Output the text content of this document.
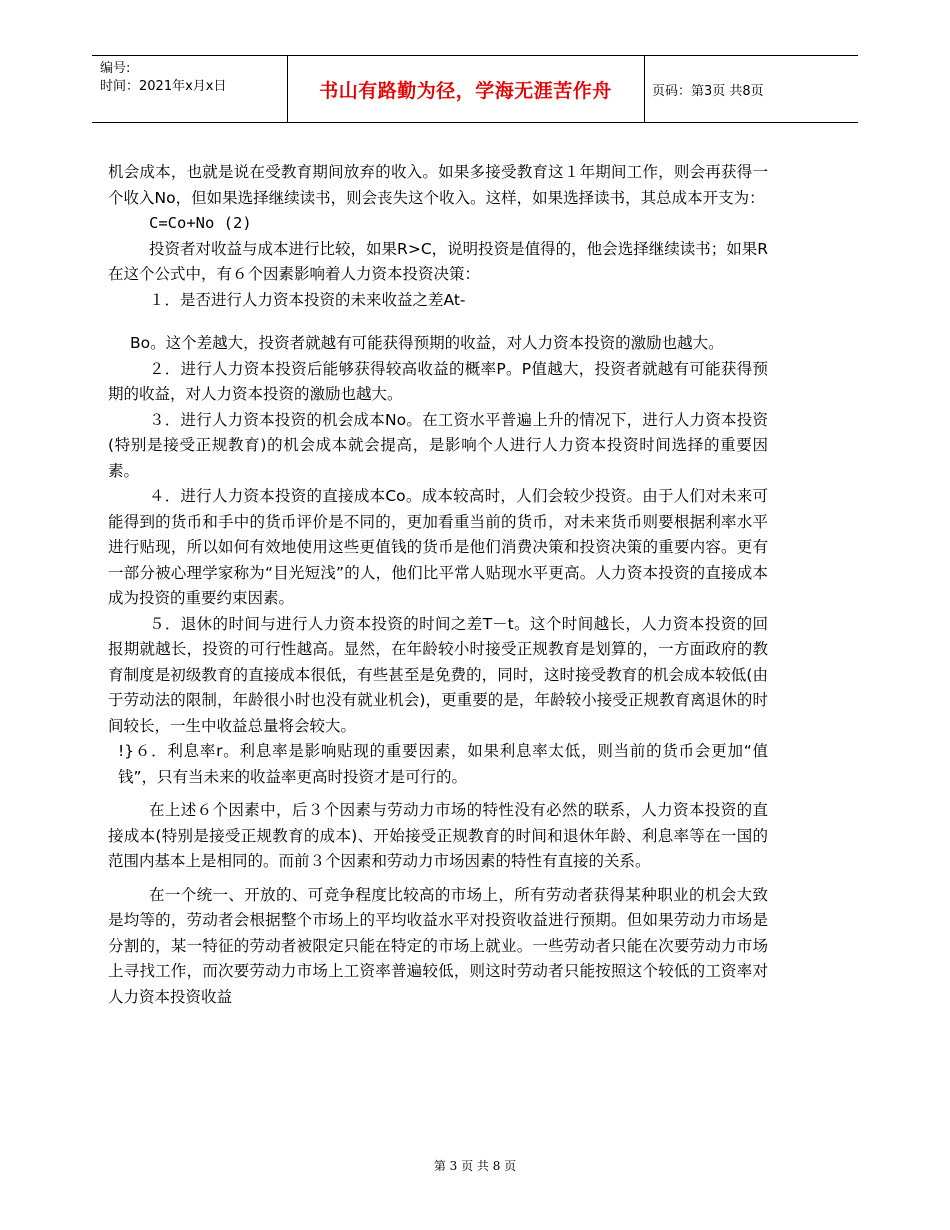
编号:
时间：2021年x月x日	书山有路勤为径，学海无涯苦作舟	页码：第3页 共8页

机会成本，也就是说在受教育期间放弃的收入。如果多接受教育这１年期间工作，则会再获得一个收入No，但如果选择继续读书，则会丧失这个收入。这样，如果选择读书，其总成本开支为：

C=Co+No (2)

投资者对收益与成本进行比较，如果R>C，说明投资是值得的，他会选择继续读书；如果R 在这个公式中，有６个因素影响着人力资本投资决策：

１．是否进行人力资本投资的未来收益之差At-

Bo。这个差越大，投资者就越有可能获得预期的收益，对人力资本投资的激励也越大。

２．进行人力资本投资后能够获得较高收益的概率P。P值越大，投资者就越有可能获得预期的收益，对人力资本投资的激励也越大。

３．进行人力资本投资的机会成本No。在工资水平普遍上升的情况下，进行人力资本投资(特别是接受正规教育)的机会成本就会提高，是影响个人进行人力资本投资时间选择的重要因素。

４．进行人力资本投资的直接成本Co。成本较高时，人们会较少投资。由于人们对未来可能得到的货币和手中的货币评价是不同的，更加看重当前的货币，对未来货币则要根据利率水平进行贴现，所以如何有效地使用这些更值钱的货币是他们消费决策和投资决策的重要内容。更有一部分被心理学家称为“目光短浅”的人，他们比平常人贴现水平更高。人力资本投资的直接成本成为投资的重要约束因素。

５．退休的时间与进行人力资本投资的时间之差T－t。这个时间越长，人力资本投资的回报期就越长，投资的可行性越高。显然，在年龄较小时接受正规教育是划算的，一方面政府的教育制度是初级教育的直接成本很低，有些甚至是免费的，同时，这时接受教育的机会成本较低(由于劳动法的限制，年龄很小时也没有就业机会)，更重要的是，年龄较小接受正规教育离退休的时间较长，一生中收益总量将会较大。

!}６．利息率r。利息率是影响贴现的重要因素，如果利息率太低，则当前的货币会更加“值钱”，只有当未来的收益率更高时投资才是可行的。

在上述６个因素中，后３个因素与劳动力市场的特性没有必然的联系，人力资本投资的直接成本(特别是接受正规教育的成本)、开始接受正规教育的时间和退休年龄、利息率等在一国的范围内基本上是相同的。而前３个因素和劳动力市场因素的特性有直接的关系。

在一个统一、开放的、可竞争程度比较高的市场上，所有劳动者获得某种职业的机会大致是均等的，劳动者会根据整个市场上的平均收益水平对投资收益进行预期。但如果劳动力市场是分割的，某一特征的劳动者被限定只能在特定的市场上就业。一些劳动者只能在次要劳动力市场上寻找工作，而次要劳动力市场上工资率普遍较低，则这时劳动者只能按照这个较低的工资率对人力资本投资收益

第 3 页 共 8 页
